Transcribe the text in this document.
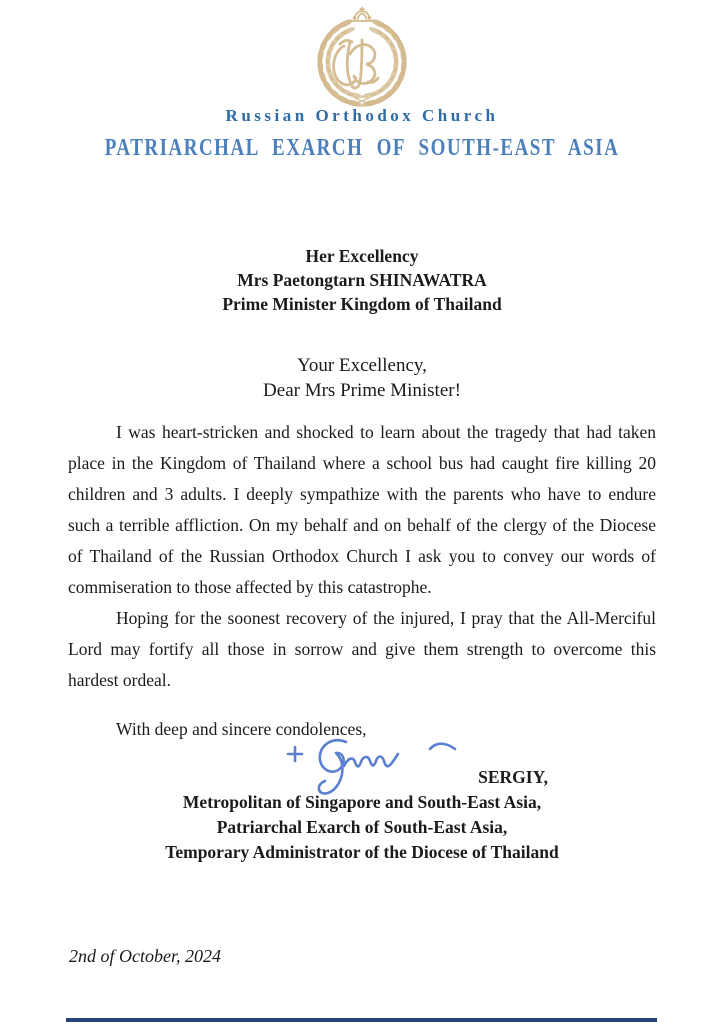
Russian Orthodox Church
PATRIARCHAL EXARCH OF SOUTH-EAST ASIA
Her Excellency
Mrs Paetongtarn SHINAWATRA
Prime Minister Kingdom of Thailand
Your Excellency,
Dear Mrs Prime Minister!

I was heart-stricken and shocked to learn about the tragedy that had taken place in the Kingdom of Thailand where a school bus had caught fire killing 20 children and 3 adults. I deeply sympathize with the parents who have to endure such a terrible affliction. On my behalf and on behalf of the clergy of the Diocese of Thailand of the Russian Orthodox Church I ask you to convey our words of commiseration to those affected by this catastrophe.

Hoping for the soonest recovery of the injured, I pray that the All-Merciful Lord may fortify all those in sorrow and give them strength to overcome this hardest ordeal.

With deep and sincere condolences,

SERGIY,
Metropolitan of Singapore and South-East Asia,
Patriarchal Exarch of South-East Asia,
Temporary Administrator of the Diocese of Thailand
2nd of October, 2024
